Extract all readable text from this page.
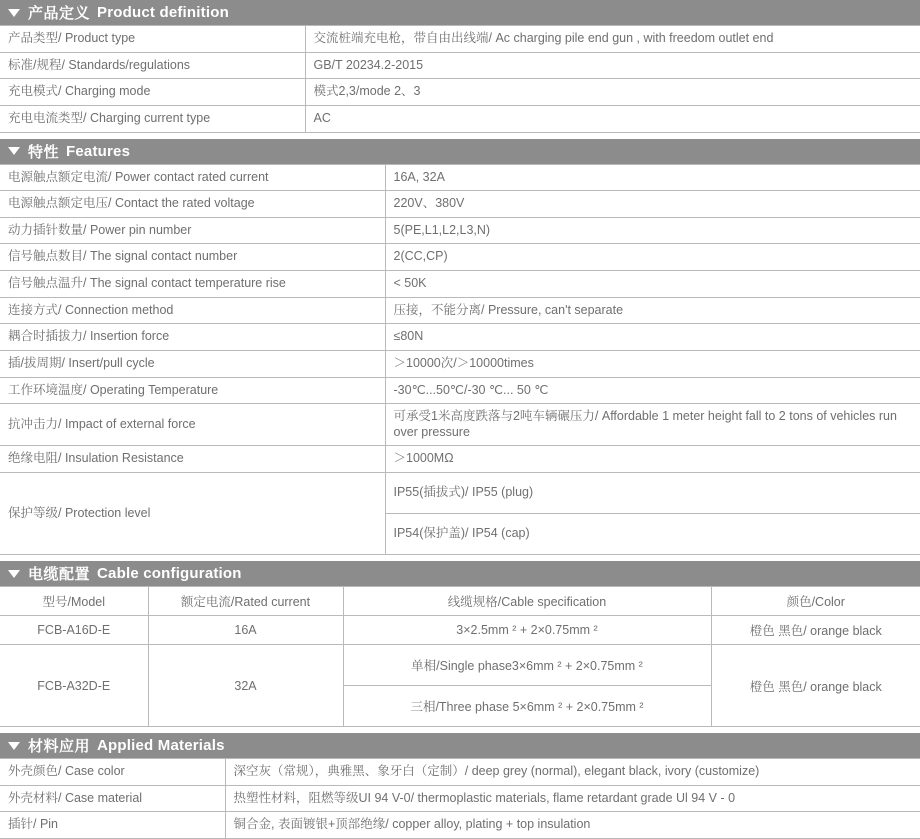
产品定义 Product definition
产品类型/ Product type	交流桩端充电枪，带自由出线端/ Ac charging pile end gun , with freedom outlet end
标准/规程/ Standards/regulations	GB/T 20234.2-2015
充电模式/ Charging mode	模式2,3/mode 2、3
充电电流类型/ Charging current type	AC
特性 Features
电源触点额定电流/ Power contact rated current	16A, 32A
电源触点额定电压/ Contact the rated voltage	220V、380V
动力插针数量/ Power pin number	5(PE,L1,L2,L3,N)
信号触点数目/ The signal contact number	2(CC,CP)
信号触点温升/ The signal contact temperature rise	< 50K
连接方式/ Connection method	压接，不能分离/ Pressure, can't separate
耦合时插拔力/ Insertion force	≤80N
插/拔周期/ Insert/pull cycle	＞10000次/＞10000times
工作环境温度/ Operating Temperature	-30℃...50℃/-30 ℃... 50 ℃
抗冲击力/ Impact of external force	可承受1米高度跌落与2吨车辆碾压力/ Affordable 1 meter height fall to 2 tons of vehicles run over pressure
绝缘电阻/ Insulation Resistance	＞1000MΩ
保护等级/ Protection level	IP55(插拔式)/ IP55 (plug)
	IP54(保护盖)/ IP54 (cap)
电缆配置 Cable configuration
型号/Model	额定电流/Rated current	线缆规格/Cable specification	颜色/Color
FCB-A16D-E	16A	3×2.5mm ² + 2×0.75mm ²	橙色 黑色/ orange black
FCB-A32D-E	32A	单相/Single phase3×6mm ² + 2×0.75mm ²	橙色 黑色/ orange black
		三相/Three phase 5×6mm ² + 2×0.75mm ²	
材料应用 Applied Materials
外壳颜色/ Case color	深空灰（常规），典雅黑、象牙白（定制）/ deep grey (normal), elegant black, ivory (customize)
外壳材料/ Case material	热塑性材料，阻燃等级UI 94 V-0/ thermoplastic materials, flame retardant grade Ul 94 V - 0
插针/ Pin	铜合金, 表面镀银+顶部绝缘/ copper alloy, plating + top insulation
